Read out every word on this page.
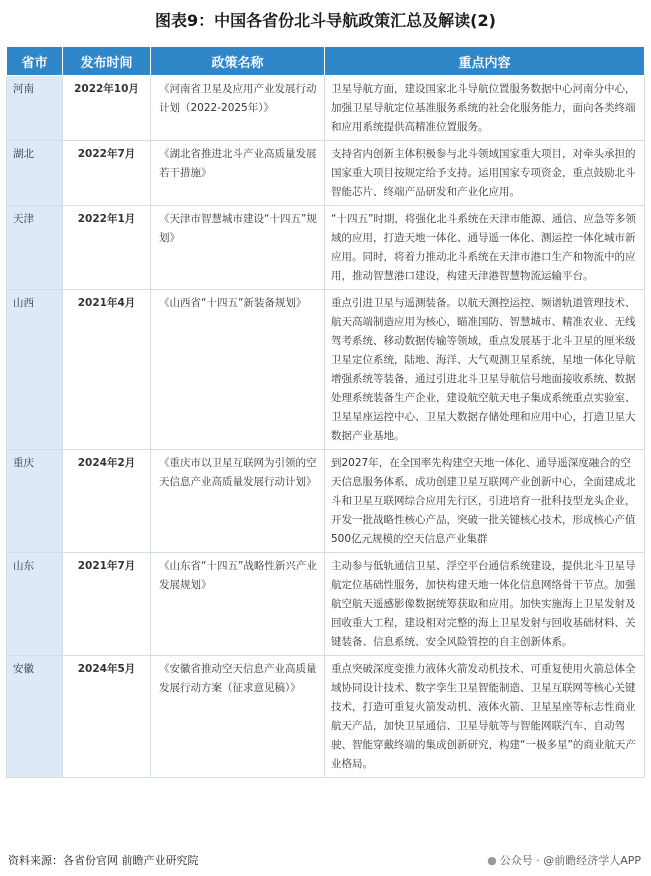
图表9：中国各省份北斗导航政策汇总及解读(2)
省市	发布时间	政策名称	重点内容
河南	2022年10月	《河南省卫星及应用产业发展行动计划（2022-2025年）》	卫星导航方面，建设国家北斗导航位置服务数据中心河南分中心，加强卫星导航定位基准服务系统的社会化服务能力，面向各类终端和应用系统提供高精准位置服务。
湖北	2022年7月	《湖北省推进北斗产业高质量发展若干措施》	支持省内创新主体积极参与北斗领域国家重大项目，对牵头承担的国家重大项目按规定给予支持。运用国家专项资金，重点鼓励北斗智能芯片、终端产品研发和产业化应用。
天津	2022年1月	《天津市智慧城市建设“十四五”规划》	“十四五”时期，将强化北斗系统在天津市能源、通信、应急等多领域的应用，打造天地一体化、通导遥一体化、测运控一体化城市新应用。同时，将着力推动北斗系统在天津市港口生产和物流中的应用，推动智慧港口建设，构建天津港智慧物流运输平台。
山西	2021年4月	《山西省“十四五”新装备规划》	重点引进卫星与遥测装备。以航天测控运控、频谱轨道管理技术、航天高端制造应用为核心，瞄准国防、智慧城市、精准农业、无线驾考系统、移动数据传输等领域，重点发展基于北斗卫星的厘米级卫星定位系统，陆地、海洋、大气观测卫星系统，星地一体化导航增强系统等装备，通过引进北斗卫星导航信号地面接收系统、数据处理系统装备生产企业，建设航空航天电子集成系统重点实验室、卫星星座运控中心、卫星大数据存储处理和应用中心，打造卫星大数据产业基地。
重庆	2024年2月	《重庆市以卫星互联网为引领的空天信息产业高质量发展行动计划》	到2027年，在全国率先构建空天地一体化、通导遥深度融合的空天信息服务体系，成功创建卫星互联网产业创新中心，全面建成北斗和卫星互联网综合应用先行区，引进培育一批科技型龙头企业，开发一批战略性核心产品，突破一批关键核心技术，形成核心产值500亿元规模的空天信息产业集群
山东	2021年7月	《山东省“十四五”战略性新兴产业发展规划》	主动参与低轨通信卫星、浮空平台通信系统建设，提供北斗卫星导航定位基础性服务，加快构建天地一体化信息网络骨干节点。加强航空航天遥感影像数据统筹获取和应用。加快实施海上卫星发射及回收重大工程，建设相对完整的海上卫星发射与回收基础材料、关键装备、信息系统、安全风险管控的自主创新体系。
安徽	2024年5月	《安徽省推动空天信息产业高质量发展行动方案（征求意见稿）》	重点突破深度变推力液体火箭发动机技术、可重复使用火箭总体全域协同设计技术、数字孪生卫星智能制造、卫星互联网等核心关键技术，打造可重复火箭发动机、液体火箭、卫星星座等标志性商业航天产品，加快卫星通信、卫星导航等与智能网联汽车、自动驾驶、智能穿戴终端的集成创新研究，构建“一极多星”的商业航天产业格局。
资料来源：各省份官网 前瞻产业研究院	● 公众号 · @前瞻经济学人APP
